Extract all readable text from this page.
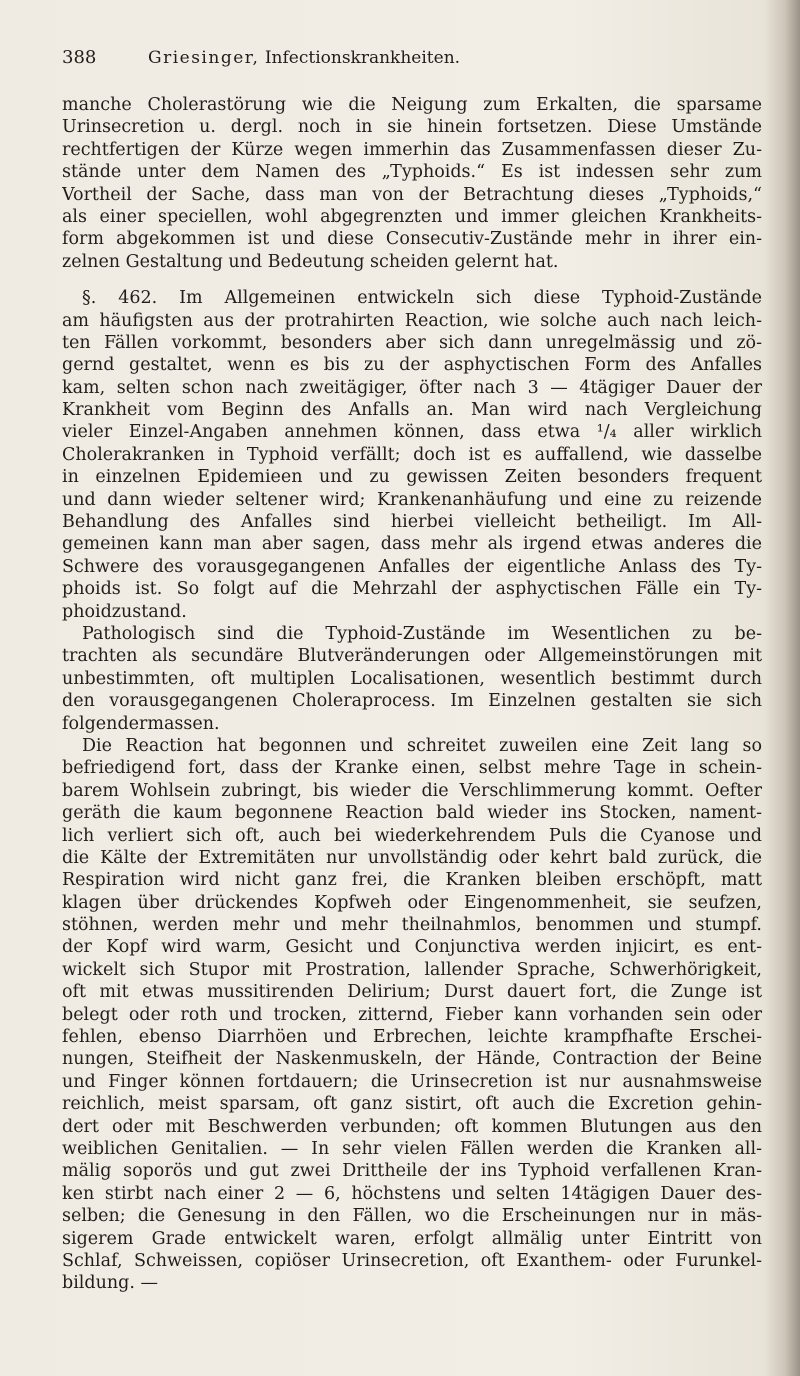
388	Griesinger, Infectionskrankheiten.
manche Cholerastörung wie die Neigung zum Erkalten, die sparsame
Urinsecretion u. dergl. noch in sie hinein fortsetzen. Diese Umstände
rechtfertigen der Kürze wegen immerhin das Zusammenfassen dieser Zu-
stände unter dem Namen des „Typhoids.“ Es ist indessen sehr zum
Vortheil der Sache, dass man von der Betrachtung dieses „Typhoids,“
als einer speciellen, wohl abgegrenzten und immer gleichen Krankheits-
form abgekommen ist und diese Consecutiv-Zustände mehr in ihrer ein-
zelnen Gestaltung und Bedeutung scheiden gelernt hat.
§. 462. Im Allgemeinen entwickeln sich diese Typhoid-Zustände
am häufigsten aus der protrahirten Reaction, wie solche auch nach leich-
ten Fällen vorkommt, besonders aber sich dann unregelmässig und zö-
gernd gestaltet, wenn es bis zu der asphyctischen Form des Anfalles
kam, selten schon nach zweitägiger, öfter nach 3 — 4tägiger Dauer der
Krankheit vom Beginn des Anfalls an. Man wird nach Vergleichung
vieler Einzel-Angaben annehmen können, dass etwa ¹/₄ aller wirklich
Cholerakranken in Typhoid verfällt; doch ist es auffallend, wie dasselbe
in einzelnen Epidemieen und zu gewissen Zeiten besonders frequent
und dann wieder seltener wird; Krankenanhäufung und eine zu reizende
Behandlung des Anfalles sind hierbei vielleicht betheiligt. Im All-
gemeinen kann man aber sagen, dass mehr als irgend etwas anderes die
Schwere des vorausgegangenen Anfalles der eigentliche Anlass des Ty-
phoids ist. So folgt auf die Mehrzahl der asphyctischen Fälle ein Ty-
phoidzustand.
Pathologisch sind die Typhoid-Zustände im Wesentlichen zu be-
trachten als secundäre Blutveränderungen oder Allgemeinstörungen mit
unbestimmten, oft multiplen Localisationen, wesentlich bestimmt durch
den vorausgegangenen Choleraprocess. Im Einzelnen gestalten sie sich
folgendermassen.
Die Reaction hat begonnen und schreitet zuweilen eine Zeit lang so
befriedigend fort, dass der Kranke einen, selbst mehre Tage in schein-
barem Wohlsein zubringt, bis wieder die Verschlimmerung kommt. Oefter
geräth die kaum begonnene Reaction bald wieder ins Stocken, nament-
lich verliert sich oft, auch bei wiederkehrendem Puls die Cyanose und
die Kälte der Extremitäten nur unvollständig oder kehrt bald zurück, die
Respiration wird nicht ganz frei, die Kranken bleiben erschöpft, matt
klagen über drückendes Kopfweh oder Eingenommenheit, sie seufzen,
stöhnen, werden mehr und mehr theilnahmlos, benommen und stumpf.
der Kopf wird warm, Gesicht und Conjunctiva werden injicirt, es ent-
wickelt sich Stupor mit Prostration, lallender Sprache, Schwerhörigkeit,
oft mit etwas mussitirenden Delirium; Durst dauert fort, die Zunge ist
belegt oder roth und trocken, zitternd, Fieber kann vorhanden sein oder
fehlen, ebenso Diarrhöen und Erbrechen, leichte krampfhafte Erschei-
nungen, Steifheit der Naskenmuskeln, der Hände, Contraction der Beine
und Finger können fortdauern; die Urinsecretion ist nur ausnahmsweise
reichlich, meist sparsam, oft ganz sistirt, oft auch die Excretion gehin-
dert oder mit Beschwerden verbunden; oft kommen Blutungen aus den
weiblichen Genitalien. — In sehr vielen Fällen werden die Kranken all-
mälig soporös und gut zwei Drittheile der ins Typhoid verfallenen Kran-
ken stirbt nach einer 2 — 6, höchstens und selten 14tägigen Dauer des-
selben; die Genesung in den Fällen, wo die Erscheinungen nur in mäs-
sigerem Grade entwickelt waren, erfolgt allmälig unter Eintritt von
Schlaf, Schweissen, copiöser Urinsecretion, oft Exanthem- oder Furunkel-
bildung. —
